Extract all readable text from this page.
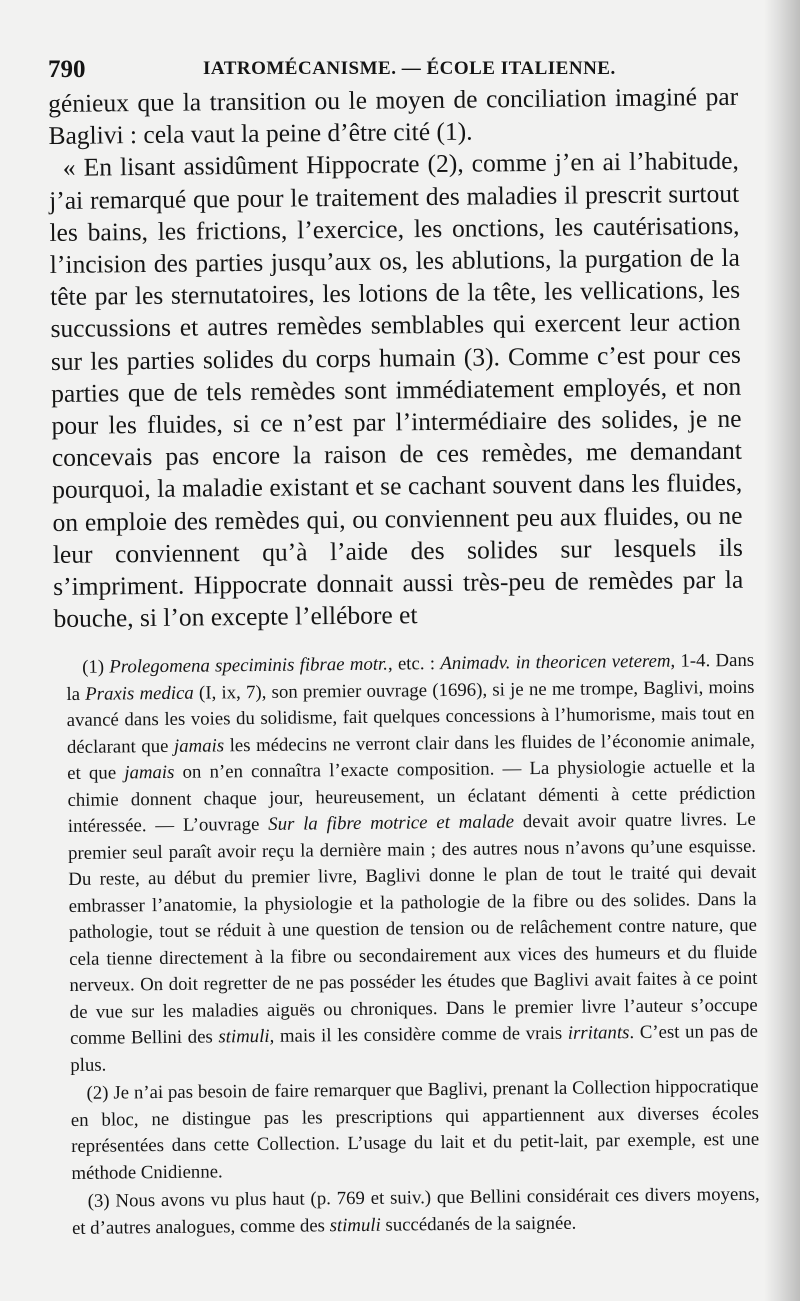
790	IATROMÉCANISME. — ÉCOLE ITALIENNE.

génieux que la transition ou le moyen de conciliation imaginé par Baglivi : cela vaut la peine d’être cité (1).

« En lisant assidûment Hippocrate (2), comme j’en ai l’habitude, j’ai remarqué que pour le traitement des maladies il prescrit surtout les bains, les frictions, l’exercice, les onctions, les cautérisations, l’incision des parties jusqu’aux os, les ablutions, la purgation de la tête par les sternutatoires, les lotions de la tête, les vellications, les succussions et autres remèdes semblables qui exercent leur action sur les parties solides du corps humain (3). Comme c’est pour ces parties que de tels remèdes sont immédiatement employés, et non pour les fluides, si ce n’est par l’intermédiaire des solides, je ne concevais pas encore la raison de ces remèdes, me demandant pourquoi, la maladie existant et se cachant souvent dans les fluides, on emploie des remèdes qui, ou conviennent peu aux fluides, ou ne leur conviennent qu’à l’aide des solides sur lesquels ils s’impriment. Hippocrate donnait aussi très-peu de remèdes par la bouche, si l’on excepte l’ellébore et

(1) Prolegomena speciminis fibrae motr., etc. : Animadv. in theoricen veterem, 1-4. Dans la Praxis medica (I, ix, 7), son premier ouvrage (1696), si je ne me trompe, Baglivi, moins avancé dans les voies du solidisme, fait quelques concessions à l’humorisme, mais tout en déclarant que jamais les médecins ne verront clair dans les fluides de l’économie animale, et que jamais on n’en connaîtra l’exacte composition. — La physiologie actuelle et la chimie donnent chaque jour, heureusement, un éclatant démenti à cette prédiction intéressée. — L’ouvrage Sur la fibre motrice et malade devait avoir quatre livres. Le premier seul paraît avoir reçu la dernière main ; des autres nous n’avons qu’une esquisse. Du reste, au début du premier livre, Baglivi donne le plan de tout le traité qui devait embrasser l’anatomie, la physiologie et la pathologie de la fibre ou des solides. Dans la pathologie, tout se réduit à une question de tension ou de relâchement contre nature, que cela tienne directement à la fibre ou secondairement aux vices des humeurs et du fluide nerveux. On doit regretter de ne pas posséder les études que Baglivi avait faites à ce point de vue sur les maladies aiguës ou chroniques. Dans le premier livre l’auteur s’occupe comme Bellini des stimuli, mais il les considère comme de vrais irritants. C’est un pas de plus.

(2) Je n’ai pas besoin de faire remarquer que Baglivi, prenant la Collection hippocratique en bloc, ne distingue pas les prescriptions qui appartiennent aux diverses écoles représentées dans cette Collection. L’usage du lait et du petit-lait, par exemple, est une méthode Cnidienne.

(3) Nous avons vu plus haut (p. 769 et suiv.) que Bellini considérait ces divers moyens, et d’autres analogues, comme des stimuli succédanés de la saignée.
